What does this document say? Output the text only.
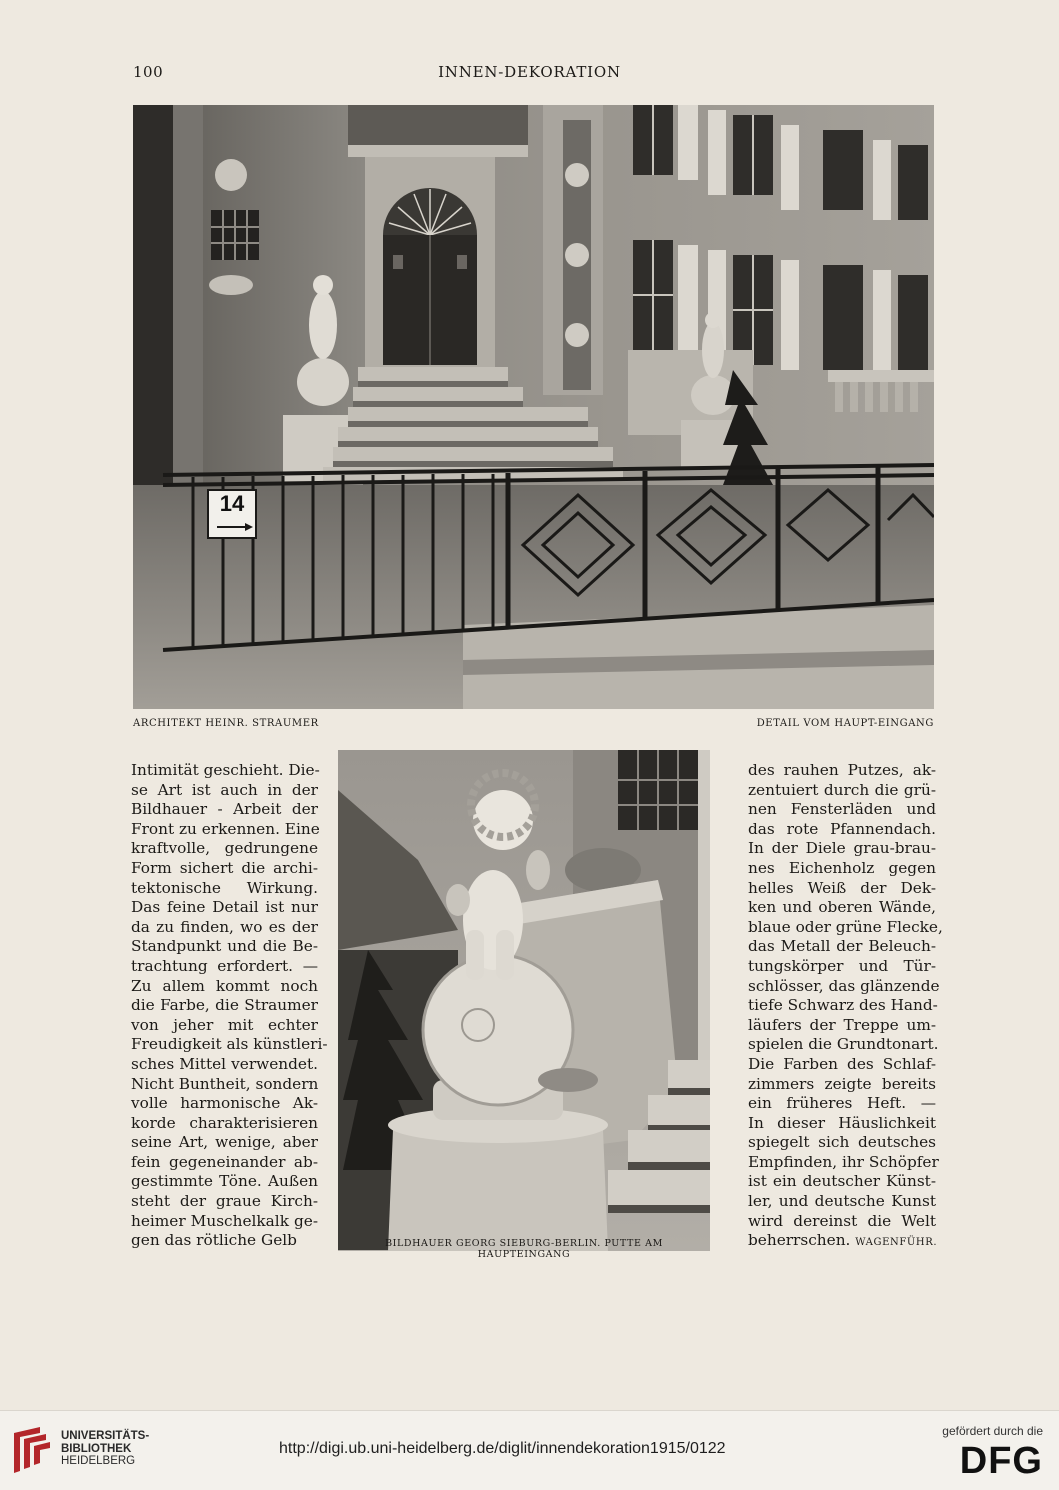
100	INNEN-DEKORATION
14
ARCHITEKT HEINR. STRAUMER	DETAIL VOM HAUPT-EINGANG
Intimität geschieht. Die-
se Art ist auch in der
Bildhauer - Arbeit der
Front zu erkennen. Eine
kraftvolle, gedrungene
Form sichert die archi-
tektonische Wirkung.
Das feine Detail ist nur
da zu finden, wo es der
Standpunkt und die Be-
trachtung erfordert. —
Zu allem kommt noch
die Farbe, die Straumer
von jeher mit echter
Freudigkeit als künstleri-
sches Mittel verwendet.
Nicht Buntheit, sondern
volle harmonische Ak-
korde charakterisieren
seine Art, wenige, aber
fein gegeneinander ab-
gestimmte Töne. Außen
steht der graue Kirch-
heimer Muschelkalk ge-
gen das rötliche Gelb	BILDHAUER GEORG SIEBURG-BERLIN. PUTTE AM HAUPTEINGANG
des rauhen Putzes, ak-
zentuiert durch die grü-
nen Fensterläden und
das rote Pfannendach.
In der Diele grau-brau-
nes Eichenholz gegen
helles Weiß der Dek-
ken und oberen Wände,
blaue oder grüne Flecke,
das Metall der Beleuch-
tungskörper und Tür-
schlösser, das glänzende
tiefe Schwarz des Hand-
läufers der Treppe um-
spielen die Grundtonart.
Die Farben des Schlaf-
zimmers zeigte bereits
ein früheres Heft. —
In dieser Häuslichkeit
spiegelt sich deutsches
Empfinden, ihr Schöpfer
ist ein deutscher Künst-
ler, und deutsche Kunst
wird dereinst die Welt
beherrschen. WAGENFÜHR.
UNIVERSITÄTS-
BIBLIOTHEK
HEIDELBERG
http://digi.ub.uni-heidelberg.de/diglit/innendekoration1915/0122
gefördert durch die
DFG
